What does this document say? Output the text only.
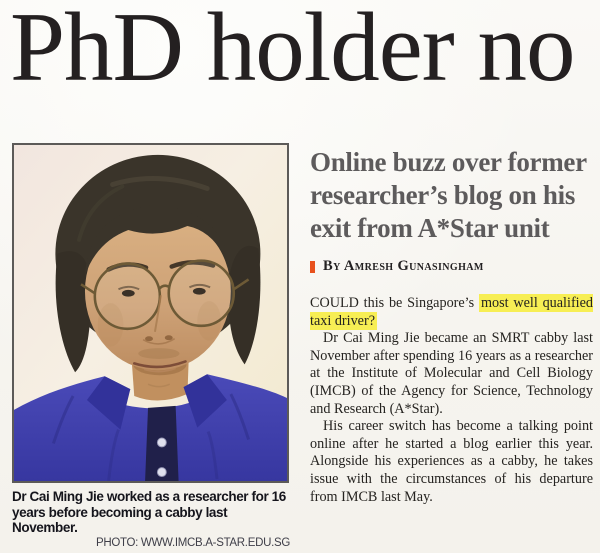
PhD holder no
Dr Cai Ming Jie worked as a researcher for 16 years before becoming a cabby last November.
PHOTO: WWW.IMCB.A-STAR.EDU.SG
Online buzz over former researcher’s blog on his exit from A*Star unit
By Amresh Gunasingham

COULD this be Singapore’s most well qualified taxi driver?

Dr Cai Ming Jie became an SMRT cabby last November after spending 16 years as a researcher at the Institute of Molecular and Cell Biology (IMCB) of the Agency for Science, Technology and Research (A*Star).

His career switch has become a talking point online after he started a blog earlier this year. Alongside his experiences as a cabby, he takes issue with the circumstances of his departure from IMCB last May.
